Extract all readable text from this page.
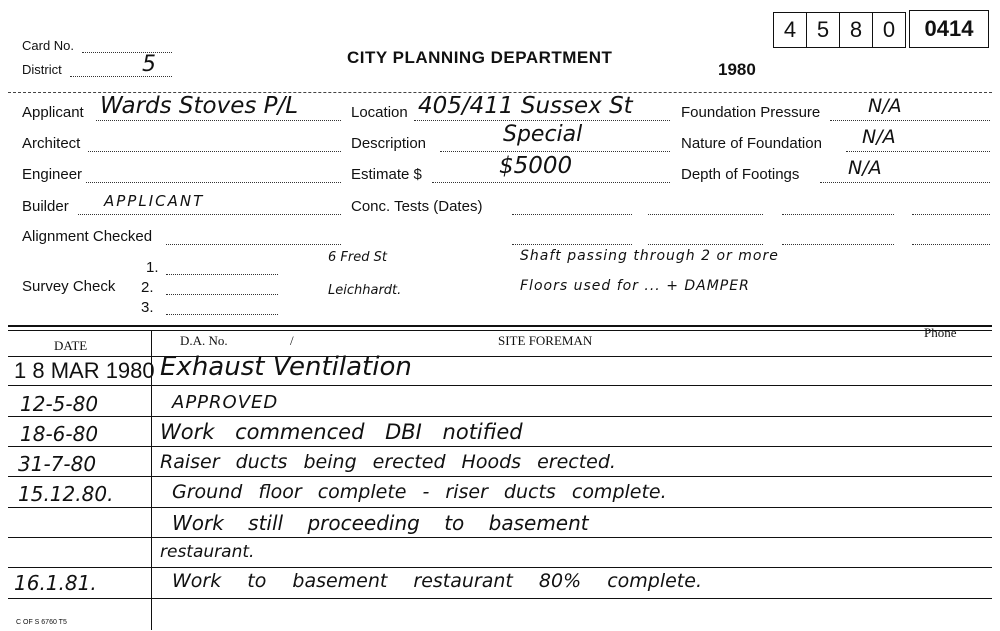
Card No.
District	5	CITY PLANNING DEPARTMENT
1980
4 5 8 0	0414
Applicant Wards Stoves P/L	Location 405/411 Sussex St	Foundation Pressure	N/A
Architect	Description	Special	Nature of Foundation N/A
Engineer	Estimate $	$5000	Depth of Footings	N/A
Builder APPLICANT	Conc. Tests (Dates)
Alignment Checked
Survey Check
1.
2.
3.
6 Fred St	Shaft passing through 2 or more
Leichhardt.	Floors used for ... + DAMPER
DATE	D.A. No.	/	SITE FOREMAN
Phone
1 8 MAR 1980 Exhaust Ventilation
12-5-80	APPROVED
18-6-80	Work commenced DBI notified
31-7-80	Raiser ducts being erected Hoods erected.
15.12.80.	Ground floor complete - riser ducts complete.
Work still proceeding to basement
restaurant.
16.1.81.	Work to basement restaurant 80% complete.
C OF S 6760 T5
